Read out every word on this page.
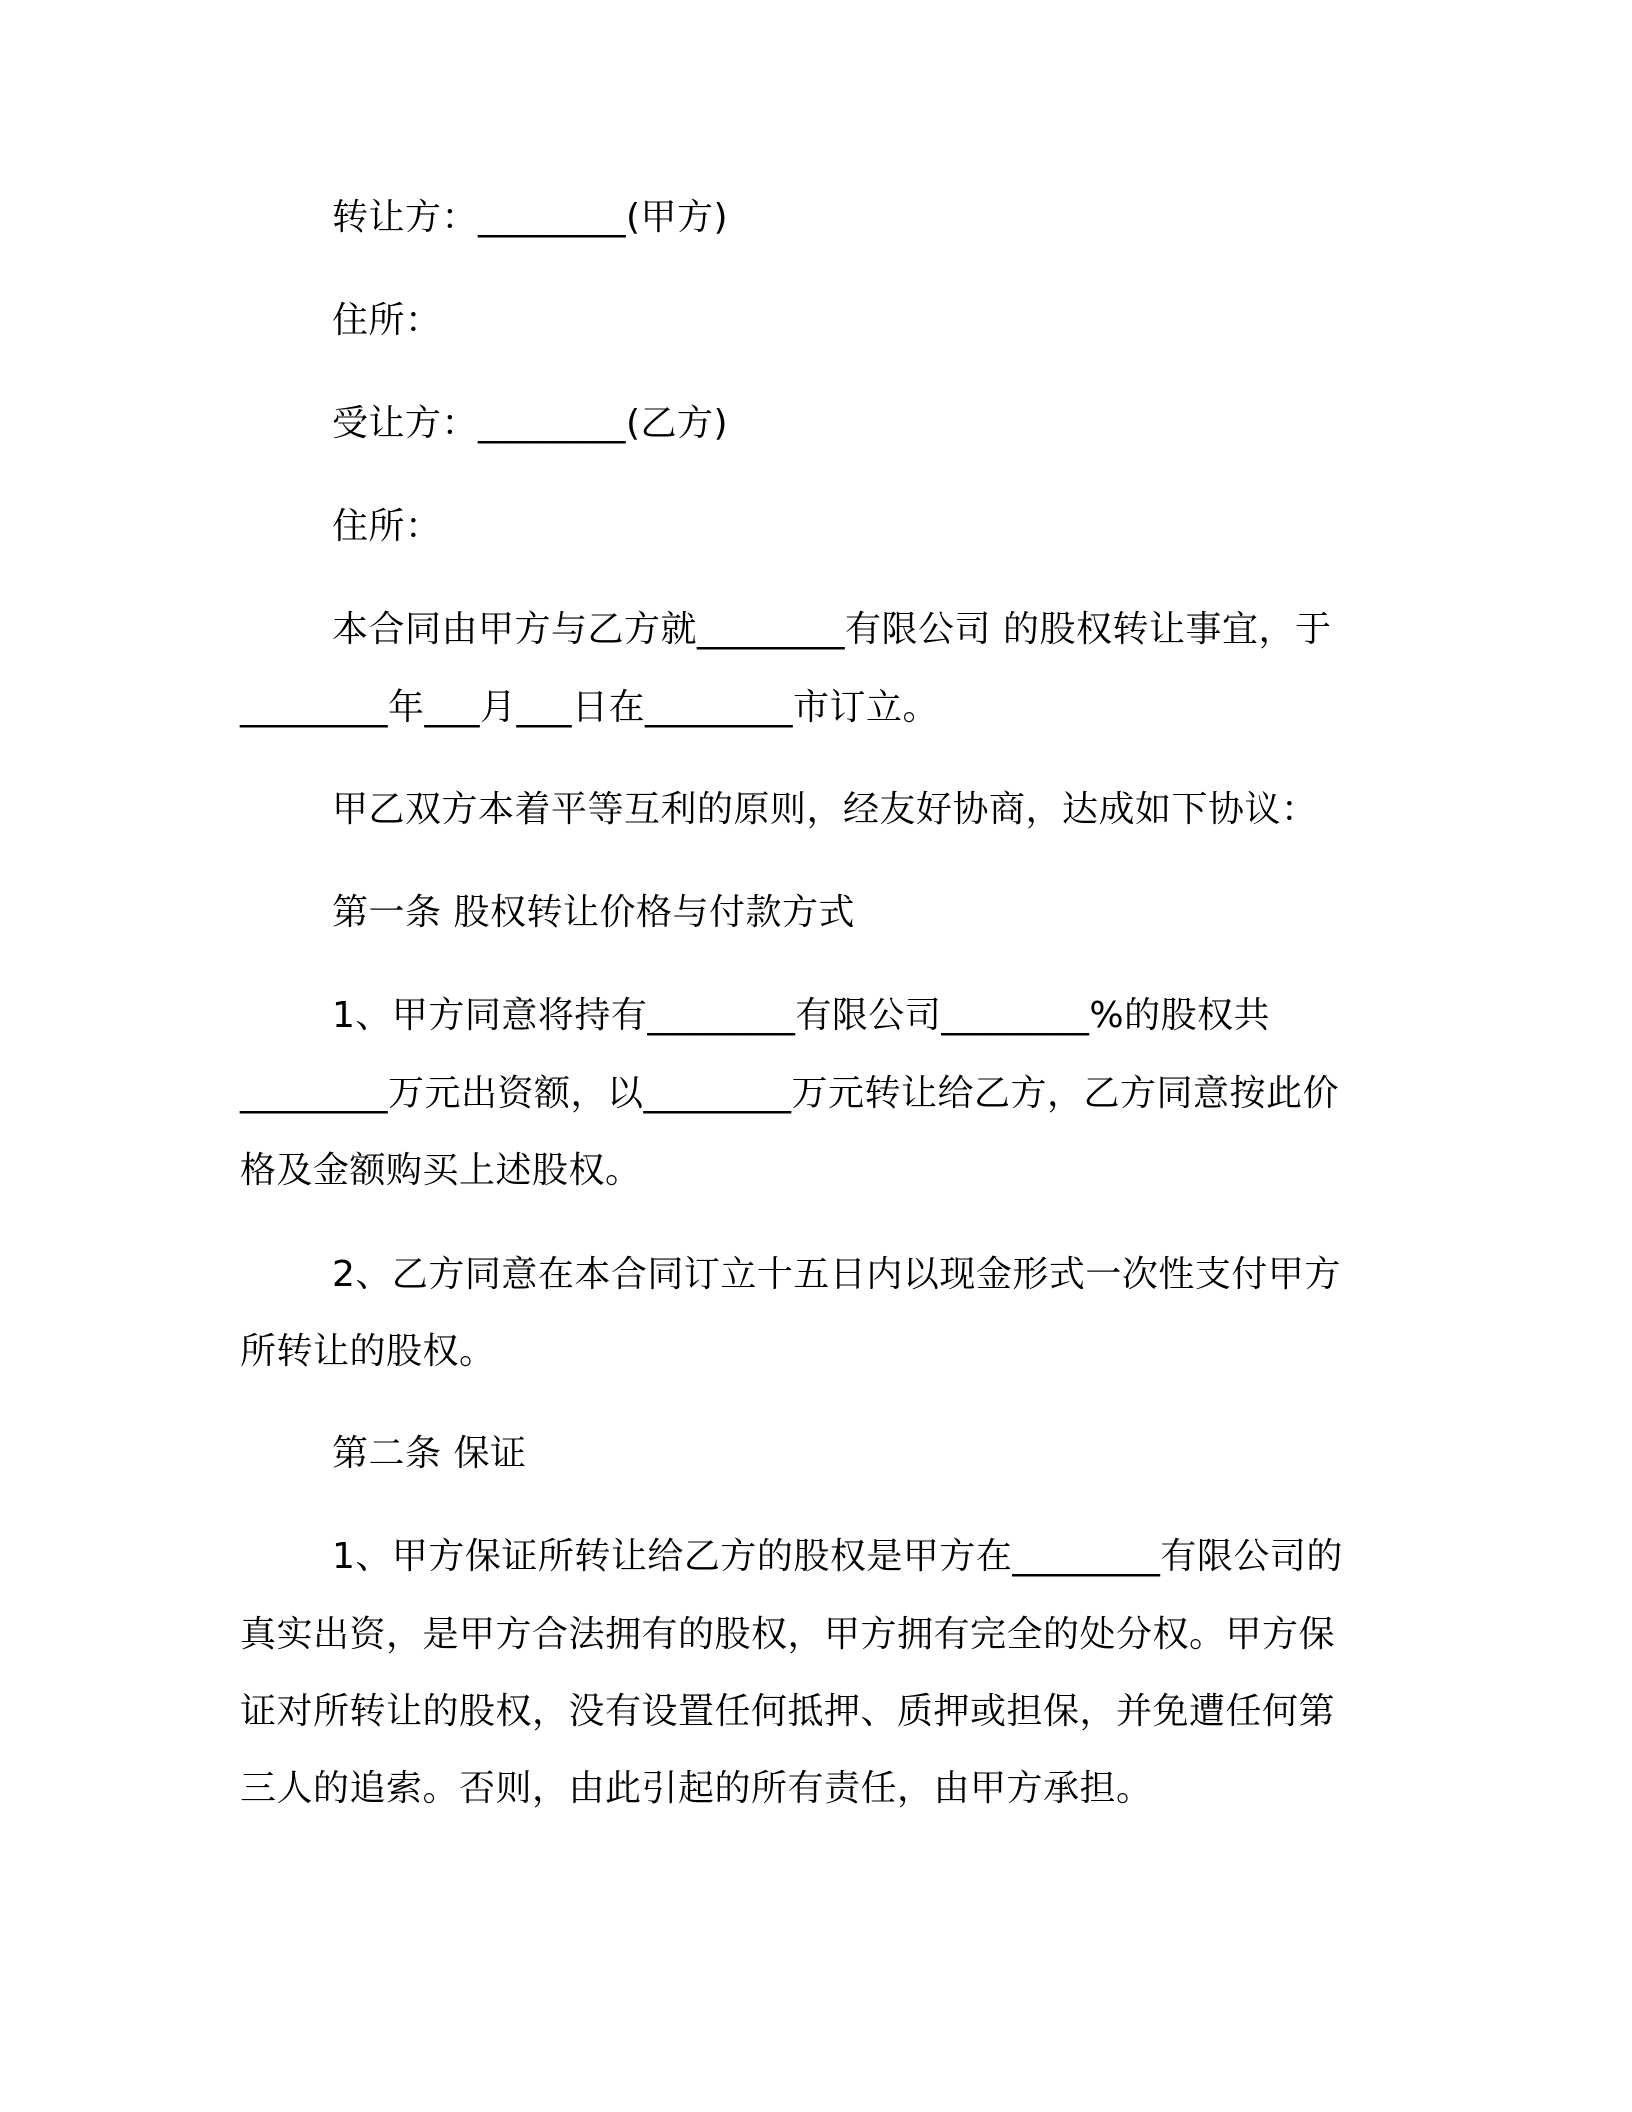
转让方：________(甲方)
住所：
受让方：________(乙方)
住所：
本合同由甲方与乙方就________有限公司 的股权转让事宜，于
________年___月___日在________市订立。
甲乙双方本着平等互利的原则，经友好协商，达成如下协议：
第一条 股权转让价格与付款方式
1、甲方同意将持有________有限公司________%的股权共
________万元出资额，以________万元转让给乙方，乙方同意按此价
格及金额购买上述股权。
2、乙方同意在本合同订立十五日内以现金形式一次性支付甲方
所转让的股权。
第二条 保证
1、甲方保证所转让给乙方的股权是甲方在________有限公司的
真实出资，是甲方合法拥有的股权，甲方拥有完全的处分权。甲方保
证对所转让的股权，没有设置任何抵押、质押或担保，并免遭任何第
三人的追索。否则，由此引起的所有责任，由甲方承担。
